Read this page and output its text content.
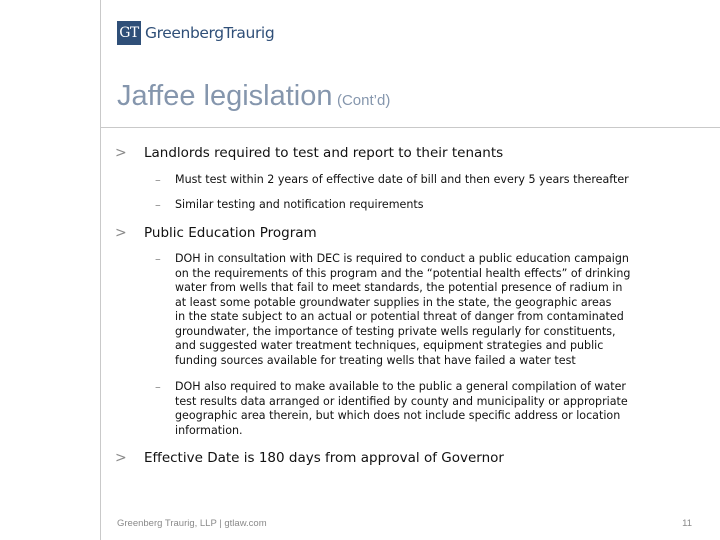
GT GreenbergTraurig
Jaffee legislation (Cont’d)
> Landlords required to test and report to their tenants
– Must test within 2 years of effective date of bill and then every 5 years thereafter
– Similar testing and notification requirements
> Public Education Program
– DOH in consultation with DEC is required to conduct a public education campaign
on the requirements of this program and the “potential health effects” of drinking
water from wells that fail to meet standards, the potential presence of radium in
at least some potable groundwater supplies in the state, the geographic areas
in the state subject to an actual or potential threat of danger from contaminated
groundwater, the importance of testing private wells regularly for constituents,
and suggested water treatment techniques, equipment strategies and public
funding sources available for treating wells that have failed a water test
– DOH also required to make available to the public a general compilation of water
test results data arranged or identified by county and municipality or appropriate
geographic area therein, but which does not include specific address or location
information.
> Effective Date is 180 days from approval of Governor
Greenberg Traurig, LLP | gtlaw.com	11
